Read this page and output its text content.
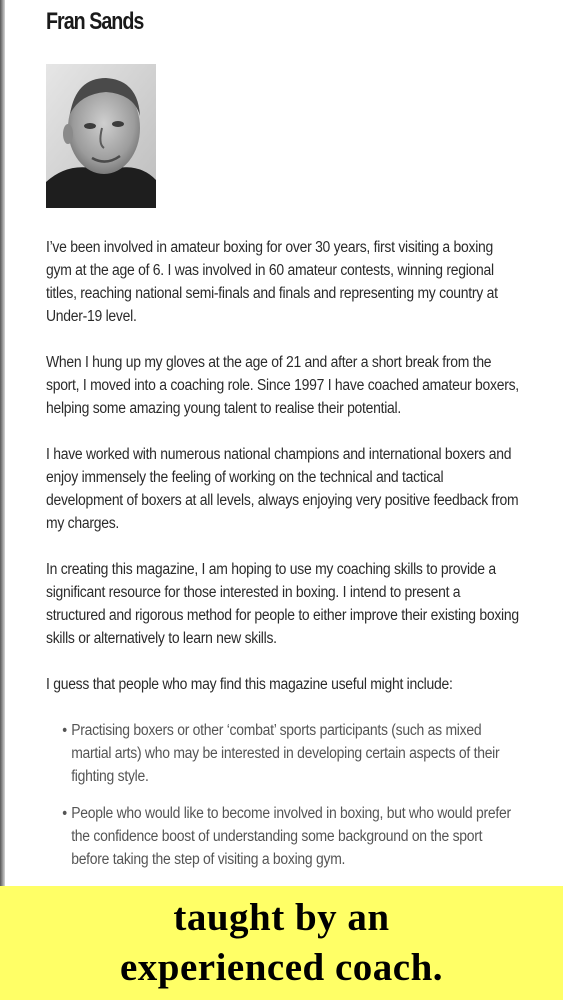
Fran Sands

I’ve been involved in amateur boxing for over 30 years, first visiting a boxing gym at the age of 6. I was involved in 60 amateur contests, winning regional titles, reaching national semi-finals and finals and representing my country at Under-19 level.

When I hung up my gloves at the age of 21 and after a short break from the sport, I moved into a coaching role. Since 1997 I have coached amateur boxers, helping some amazing young talent to realise their potential.

I have worked with numerous national champions and international boxers and enjoy immensely the feeling of working on the technical and tactical development of boxers at all levels, always enjoying very positive feedback from my charges.

In creating this magazine, I am hoping to use my coaching skills to provide a significant resource for those interested in boxing. I intend to present a structured and rigorous method for people to either improve their existing boxing skills or alternatively to learn new skills.

I guess that people who may find this magazine useful might include:

• Practising boxers or other ‘combat’ sports participants (such as mixed martial arts) who may be interested in developing certain aspects of their fighting style.
• People who would like to become involved in boxing, but who would prefer the confidence boost of understanding some background on the sport before taking the step of visiting a boxing gym.
taught by an
experienced coach.
